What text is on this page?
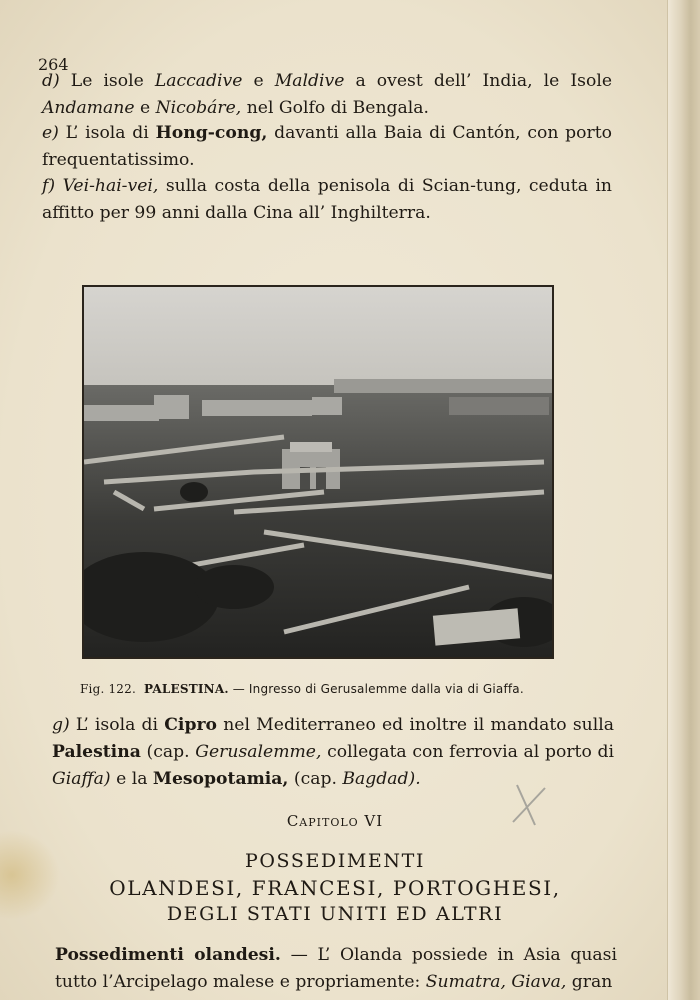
264

d) Le isole Laccadive e Maldive a ovest dell’ India, le Isole Andamane e Nicobáre, nel Golfo di Bengala.

e) L’ isola di Hong-cong, davanti alla Baia di Cantón, con porto frequentatissimo.

f) Vei-hai-vei, sulla costa della penisola di Scian-tung, ceduta in affitto per 99 anni dalla Cina all’ Inghilterra.

Fig. 122. PALESTINA. — Ingresso di Gerusalemme dalla via di Giaffa.

g) L’ isola di Cipro nel Mediterraneo ed inoltre il mandato sulla Palestina (cap. Gerusalemme, collegata con ferrovia al porto di Giaffa) e la Mesopotamia, (cap. Bagdad).

Capitolo VI
POSSEDIMENTI
OLANDESI, FRANCESI, PORTOGHESI,
DEGLI STATI UNITI ED ALTRI

Possedimenti olandesi. — L’ Olanda possiede in Asia quasi tutto l’Arcipelago malese e propriamente: Sumatra, Giava, gran
